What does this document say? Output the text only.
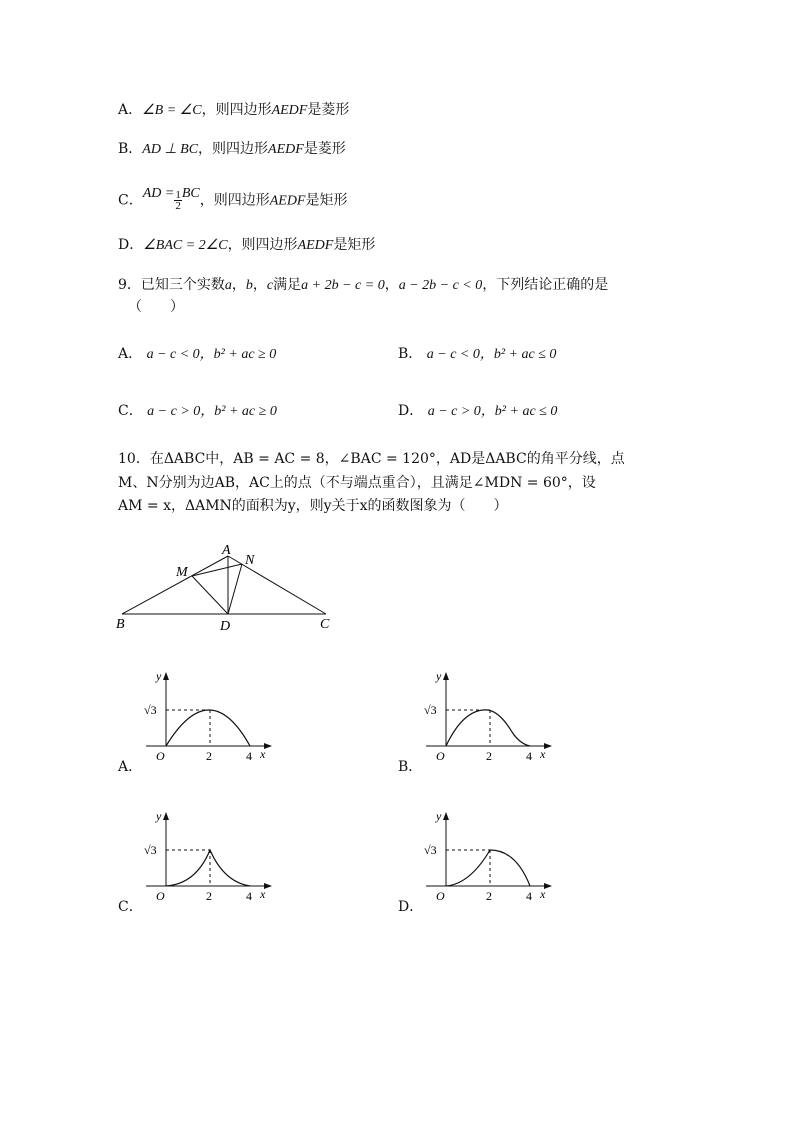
A．∠B = ∠C，则四边形AEDF是菱形
B．AD ⊥ BC，则四边形AEDF是菱形
C．AD = $\frac{1}{2}$ BC，则四边形AEDF是矩形
D．∠BAC = 2∠C，则四边形AEDF是矩形
9．已知三个实数a，b，c满足a + 2b − c = 0，a − 2b − c < 0，下列结论正确的是
（　　）
A． a − c < 0，b² + ac ≥ 0	B． a − c < 0，b² + ac ≤ 0
C． a − c > 0，b² + ac ≥ 0	D． a − c > 0，b² + ac ≤ 0
10．在ΔABC中，AB = AC = 8，∠BAC = 120°，AD是ΔABC的角平分线，点
M、N分别为边AB，AC上的点（不与端点重合），且满足∠MDN = 60°，设
AM = x，ΔAMN的面积为y，则y关于x的函数图象为（　　）
B	D	C
A
M
N
y
√3
O	2	4 x
A．
y
√3
O	2	4 x
B．
y
√3
O	2	4 x
C．
y
√3
O	2	4 x
D．
